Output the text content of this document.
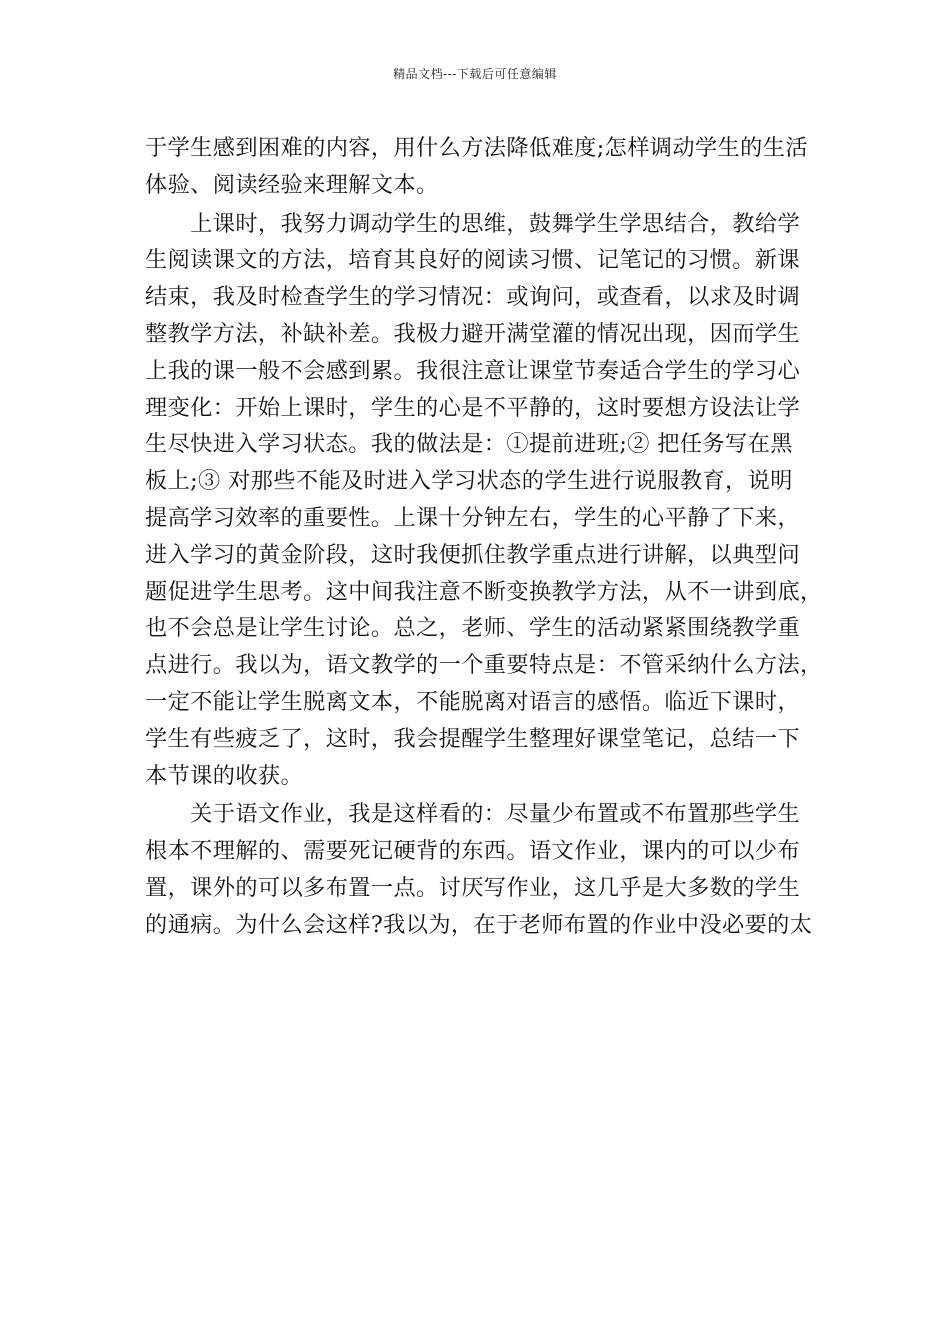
精品文档---下载后可任意编辑
于学生感到困难的内容，用什么方法降低难度;怎样调动学生的生活
体验、阅读经验来理解文本。
　　上课时，我努力调动学生的思维，鼓舞学生学思结合，教给学
生阅读课文的方法，培育其良好的阅读习惯、记笔记的习惯。新课
结束，我及时检查学生的学习情况：或询问，或查看，以求及时调
整教学方法，补缺补差。我极力避开满堂灌的情况出现，因而学生
上我的课一般不会感到累。我很注意让课堂节奏适合学生的学习心
理变化：开始上课时，学生的心是不平静的，这时要想方设法让学
生尽快进入学习状态。我的做法是：①提前进班;② 把任务写在黑
板上;③ 对那些不能及时进入学习状态的学生进行说服教育，说明
提高学习效率的重要性。上课十分钟左右，学生的心平静了下来，
进入学习的黄金阶段，这时我便抓住教学重点进行讲解，以典型问
题促进学生思考。这中间我注意不断变换教学方法，从不一讲到底，
也不会总是让学生讨论。总之，老师、学生的活动紧紧围绕教学重
点进行。我以为，语文教学的一个重要特点是：不管采纳什么方法，
一定不能让学生脱离文本，不能脱离对语言的感悟。临近下课时，
学生有些疲乏了，这时，我会提醒学生整理好课堂笔记，总结一下
本节课的收获。
　　关于语文作业，我是这样看的：尽量少布置或不布置那些学生
根本不理解的、需要死记硬背的东西。语文作业，课内的可以少布
置，课外的可以多布置一点。讨厌写作业，这几乎是大多数的学生
的通病。为什么会这样?我以为，在于老师布置的作业中没必要的太
